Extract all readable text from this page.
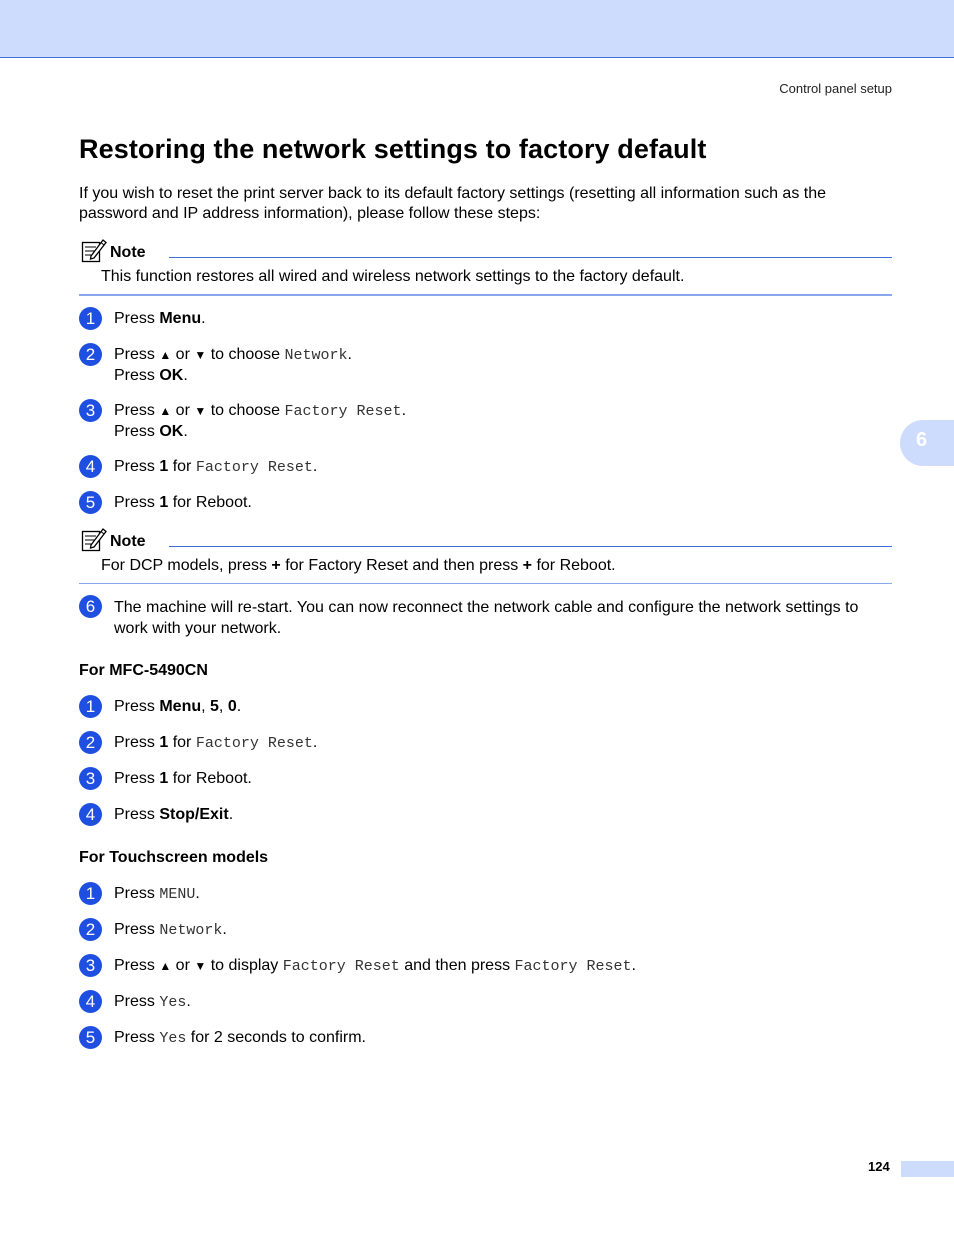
Control panel setup
6
Restoring the network settings to factory default
If you wish to reset the print server back to its default factory settings (resetting all information such as the password and IP address information), please follow these steps:
Note
This function restores all wired and wireless network settings to the factory default.
1	Press Menu.
2	Press ▲ or ▼ to choose Network.
Press OK.
3	Press ▲ or ▼ to choose Factory Reset.
Press OK.
4	Press 1 for Factory Reset.
5	Press 1 for Reboot.
Note
For DCP models, press + for Factory Reset and then press + for Reboot.
6	The machine will re-start. You can now reconnect the network cable and configure the network settings to work with your network.
For MFC-5490CN
1	Press Menu, 5, 0.
2	Press 1 for Factory Reset.
3	Press 1 for Reboot.
4	Press Stop/Exit.
For Touchscreen models
1	Press MENU.
2	Press Network.
3	Press ▲ or ▼ to display Factory Reset and then press Factory Reset.
4	Press Yes.
5	Press Yes for 2 seconds to confirm.
124
